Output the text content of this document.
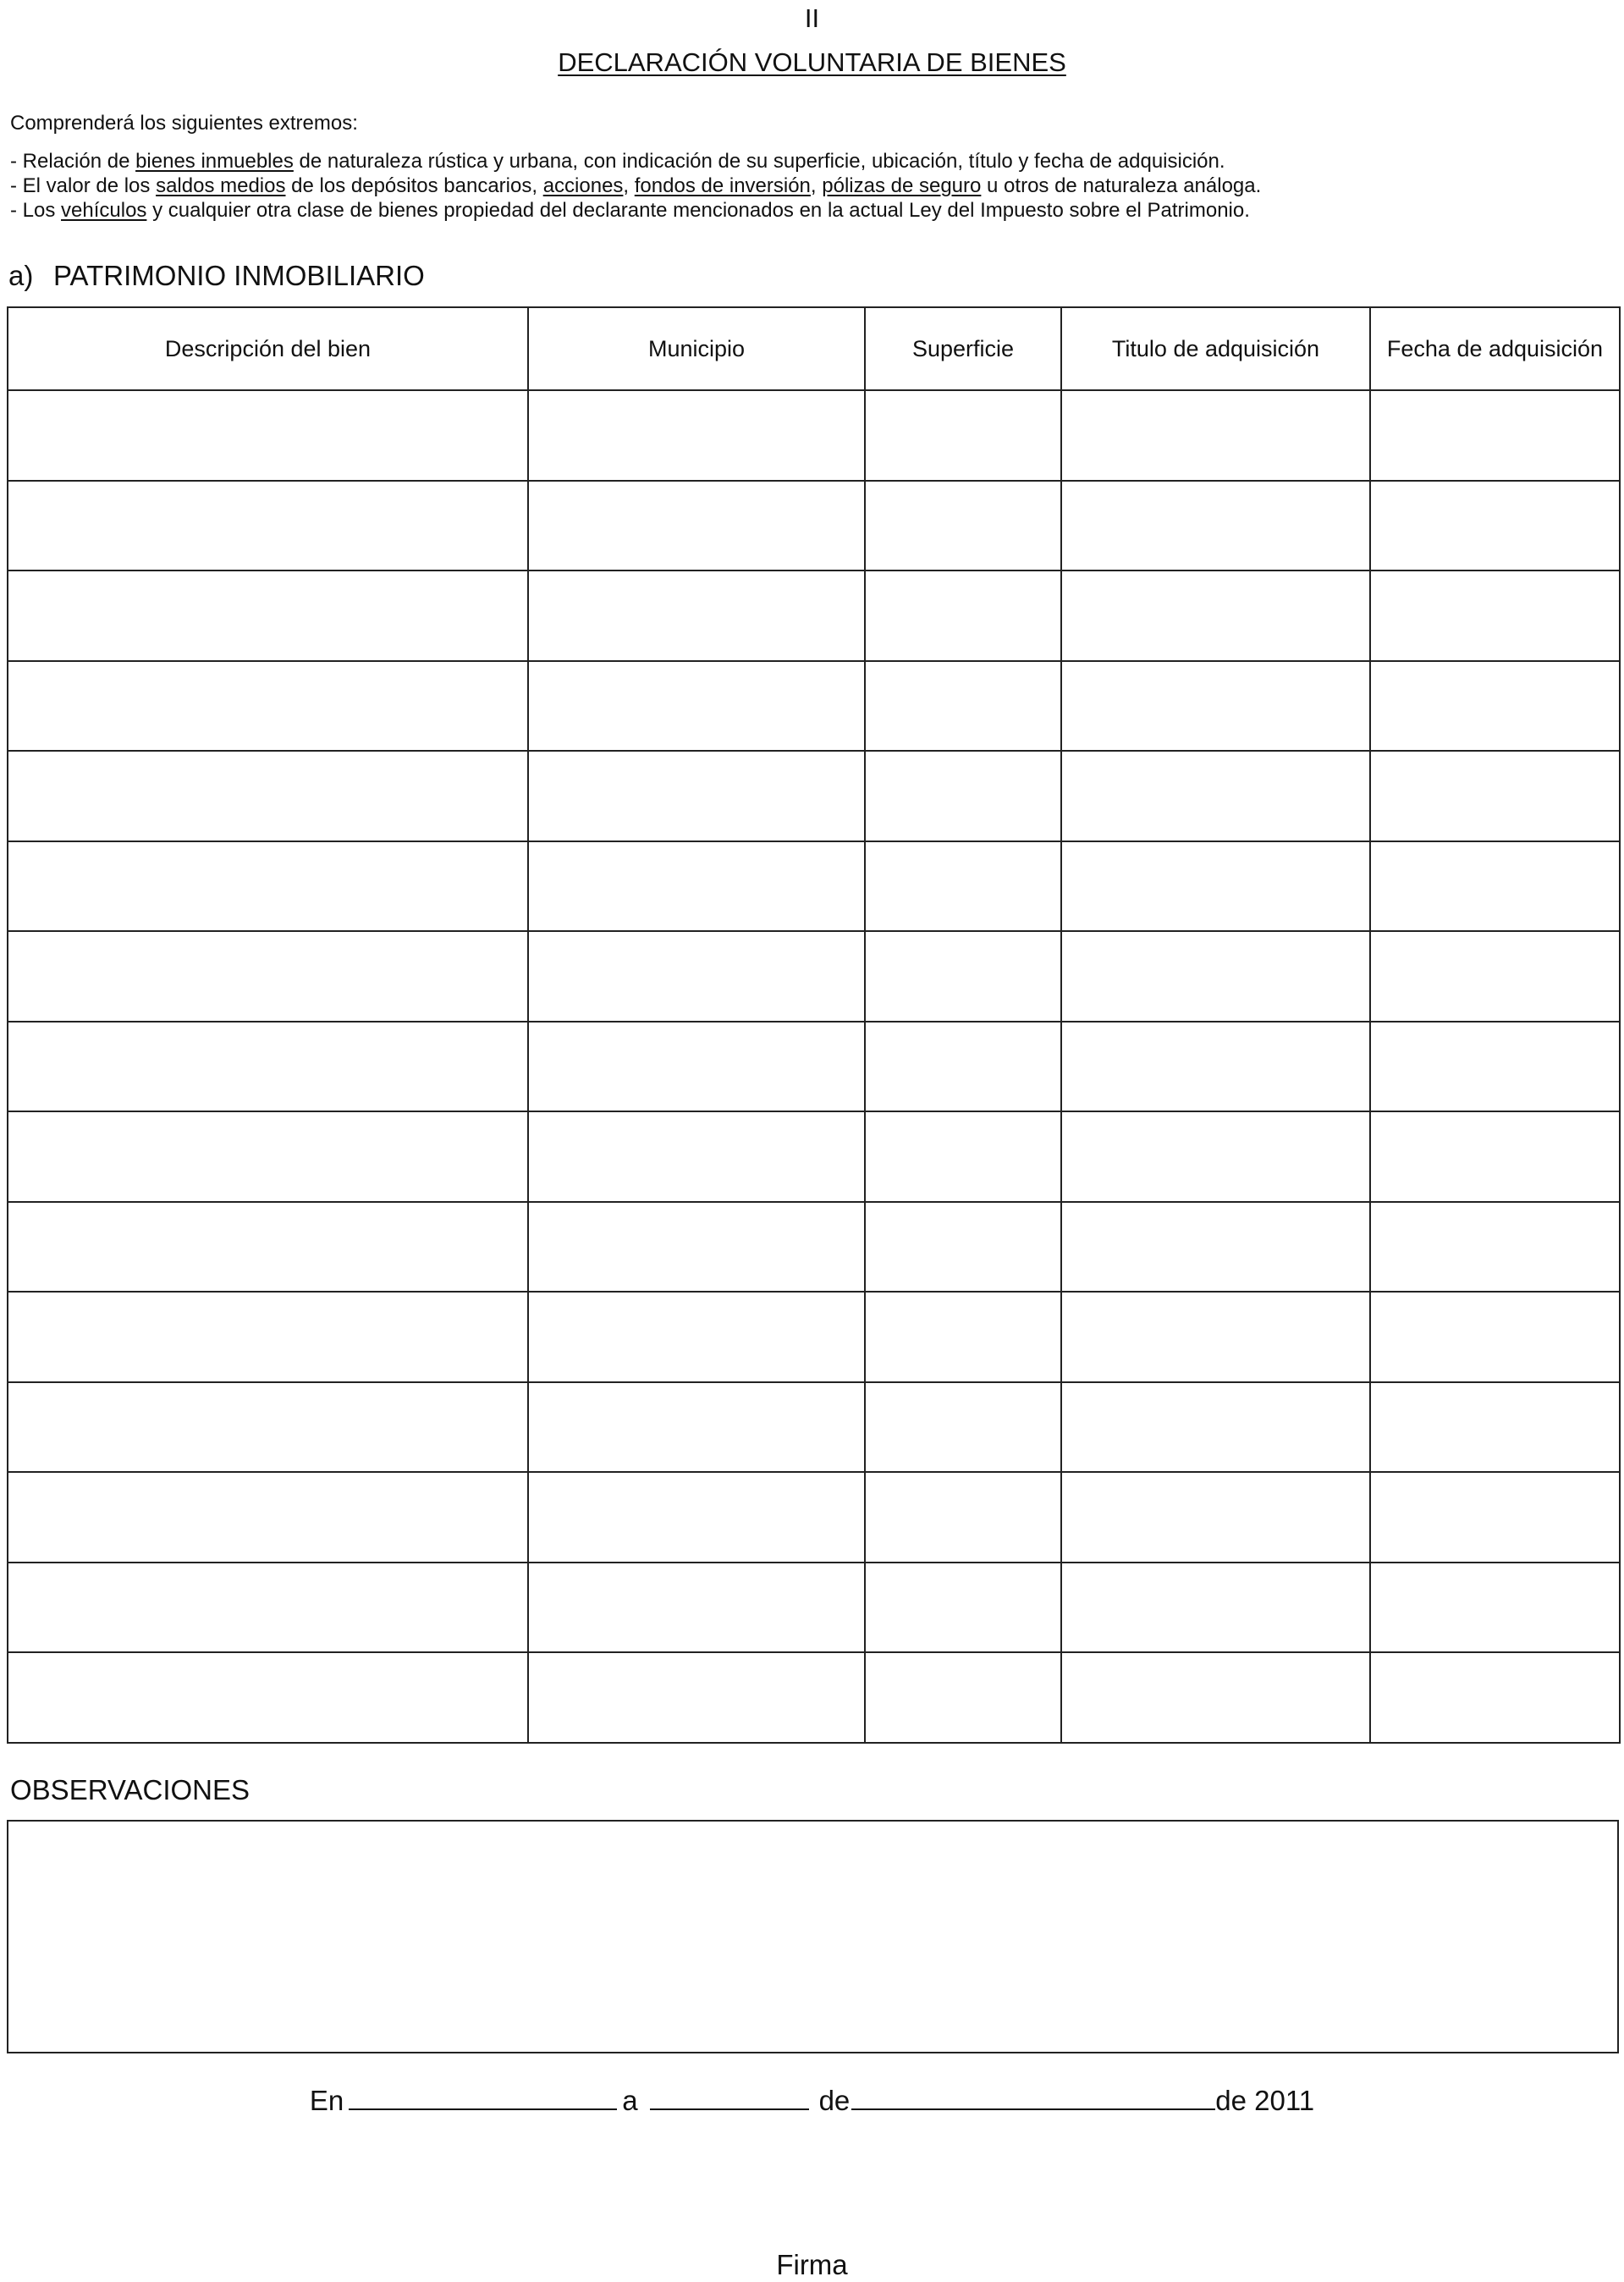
II
DECLARACIÓN VOLUNTARIA DE BIENES
Comprenderá los siguientes extremos:
- Relación de bienes inmuebles de naturaleza rústica y urbana, con indicación de su superficie, ubicación, título y fecha de adquisición.
- El valor de los saldos medios de los depósitos bancarios, acciones, fondos de inversión, pólizas de seguro u otros de naturaleza análoga.
- Los vehículos y cualquier otra clase de bienes propiedad del declarante mencionados en la actual Ley del Impuesto sobre el Patrimonio.
a) PATRIMONIO INMOBILIARIO
Descripción del bien	Municipio	Superficie	Titulo de adquisición	Fecha de adquisición

OBSERVACIONES
En	a	de	de 2011
Firma
